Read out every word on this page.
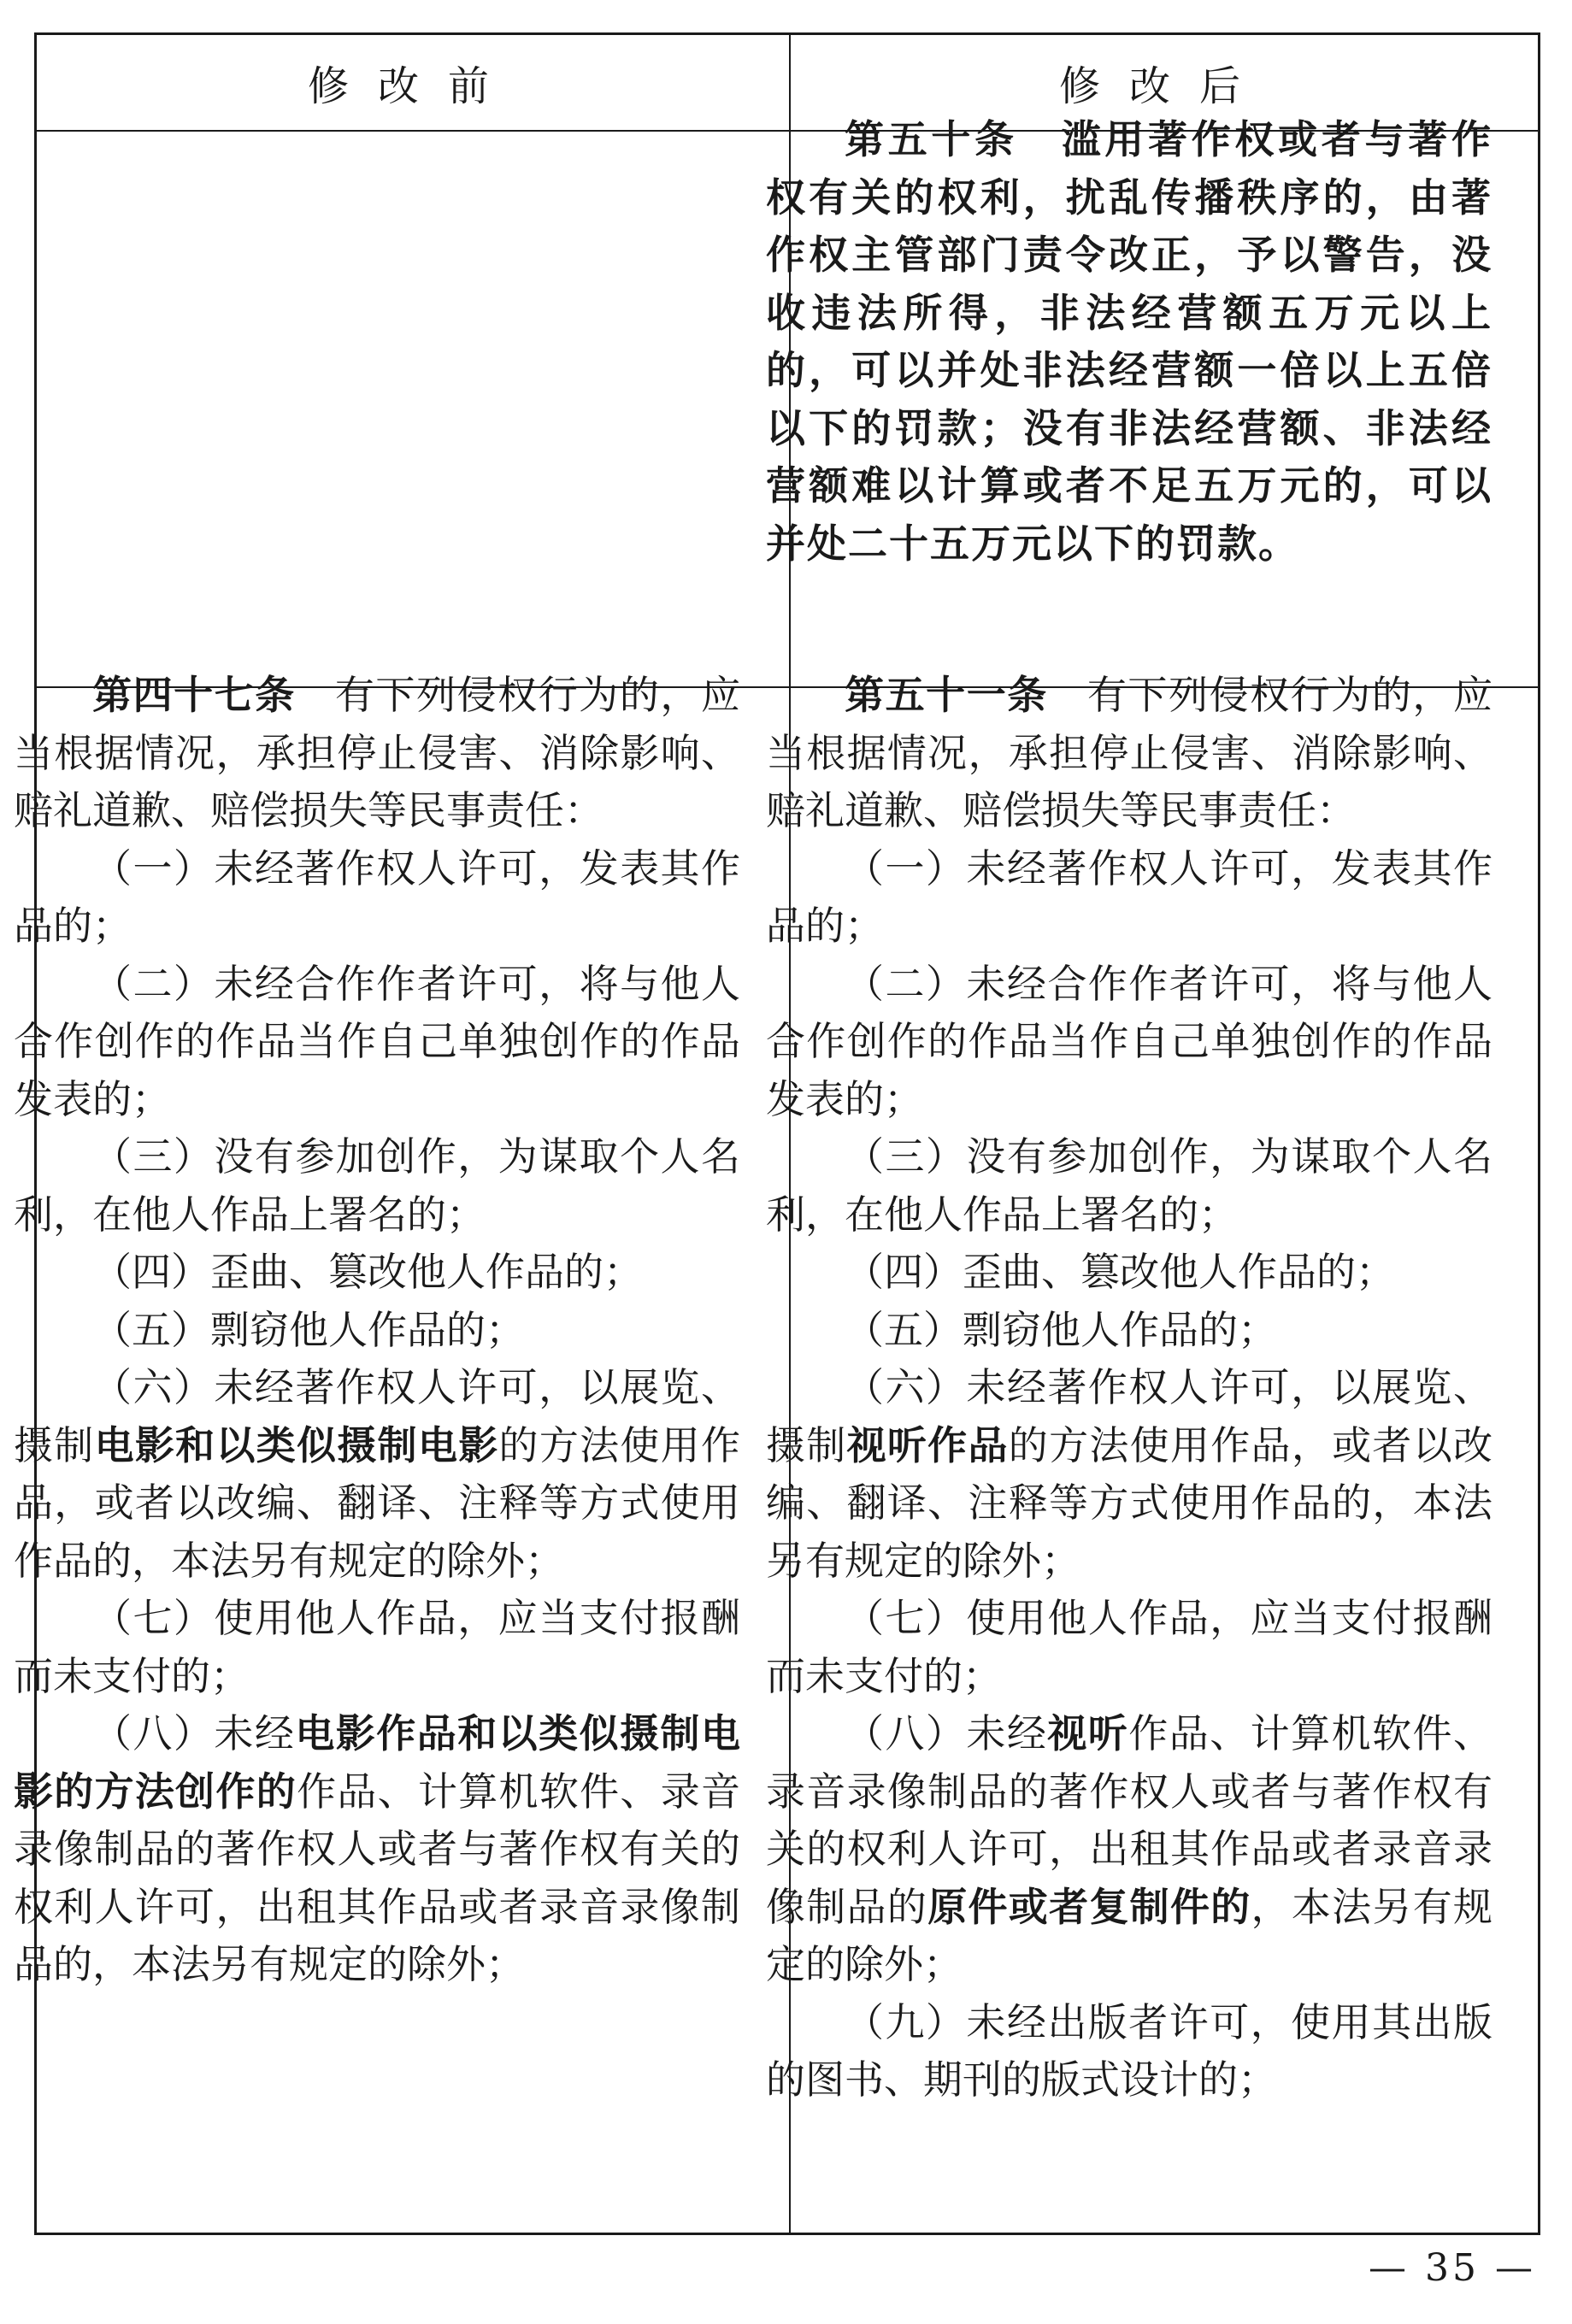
修改前	修改后

第五十条　滥用著作权或者与著作权有关的权利，扰乱传播秩序的，由著作权主管部门责令改正，予以警告，没收违法所得，非法经营额五万元以上的，可以并处非法经营额一倍以上五倍以下的罚款；没有非法经营额、非法经营额难以计算或者不足五万元的，可以并处二十五万元以下的罚款。

第四十七条 有下列侵权行为的，应当根据情况，承担停止侵害、消除影响、赔礼道歉、赔偿损失等民事责任：

（一）未经著作权人许可，发表其作品的；

（二）未经合作作者许可，将与他人合作创作的作品当作自己单独创作的作品发表的；

（三）没有参加创作，为谋取个人名利，在他人作品上署名的；

（四）歪曲、篡改他人作品的；

（五）剽窃他人作品的；

（六）未经著作权人许可，以展览、摄制电影和以类似摄制电影的方法使用作品，或者以改编、翻译、注释等方式使用作品的，本法另有规定的除外；

（七）使用他人作品，应当支付报酬而未支付的；

（八）未经电影作品和以类似摄制电影的方法创作的作品、计算机软件、录音录像制品的著作权人或者与著作权有关的权利人许可，出租其作品或者录音录像制品的，本法另有规定的除外；

第五十一条 有下列侵权行为的，应当根据情况，承担停止侵害、消除影响、赔礼道歉、赔偿损失等民事责任：

（一）未经著作权人许可，发表其作品的；

（二）未经合作作者许可，将与他人合作创作的作品当作自己单独创作的作品发表的；

（三）没有参加创作，为谋取个人名利，在他人作品上署名的；

（四）歪曲、篡改他人作品的；

（五）剽窃他人作品的；

（六）未经著作权人许可，以展览、摄制视听作品的方法使用作品，或者以改编、翻译、注释等方式使用作品的，本法另有规定的除外；

（七）使用他人作品，应当支付报酬而未支付的；

（八）未经视听作品、计算机软件、录音录像制品的著作权人或者与著作权有关的权利人许可，出租其作品或者录音录像制品的原件或者复制件的，本法另有规定的除外；

（九）未经出版者许可，使用其出版的图书、期刊的版式设计的；

— 35 —
